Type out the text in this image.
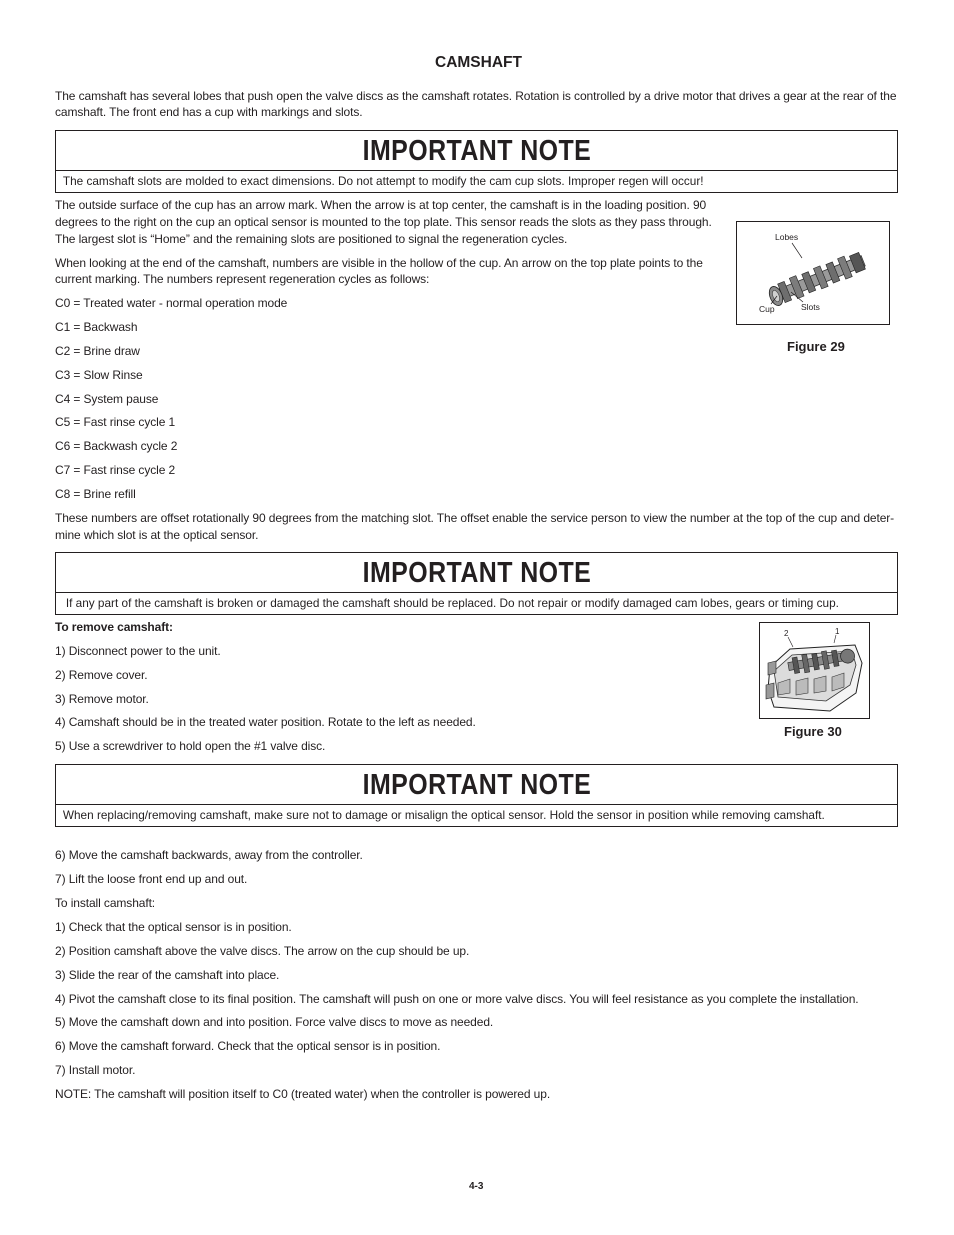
CAMSHAFT
The camshaft has several lobes that push open the valve discs as the camshaft rotates. Rotation is controlled by a drive motor that drives a gear at the rear of the
camshaft. The front end has a cup with markings and slots.
IMPORTANT NOTE
The camshaft slots are molded to exact dimensions. Do not attempt to modify the cam cup slots. Improper regen will occur!
The outside surface of the cup has an arrow mark. When the arrow is at top center, the camshaft is in the loading position. 90
degrees to the right on the cup an optical sensor is mounted to the top plate. This sensor reads the slots as they pass through.
The largest slot is “Home” and the remaining slots are positioned to signal the regeneration cycles.
When looking at the end of the camshaft, numbers are visible in the hollow of the cup. An arrow on the top plate points to the
current marking. The numbers represent regeneration cycles as follows:
Lobes
Cup	Slots
Figure 29
C0 = Treated water - normal operation mode
C1 = Backwash
C2 = Brine draw
C3 = Slow Rinse
C4 = System pause
C5 = Fast rinse cycle 1
C6 = Backwash cycle 2
C7 = Fast rinse cycle 2
C8 = Brine refill
These numbers are offset rotationally 90 degrees from the matching slot. The offset enable the service person to view the number at the top of the cup and deter-
mine which slot is at the optical sensor.
IMPORTANT NOTE
If any part of the camshaft is broken or damaged the camshaft should be replaced. Do not repair or modify damaged cam lobes, gears or timing cup.
To remove camshaft:
1) Disconnect power to the unit.
2) Remove cover.
3) Remove motor.
4) Camshaft should be in the treated water position. Rotate to the left as needed.
5) Use a screwdriver to hold open the #1 valve disc.
2	1
Figure 30
IMPORTANT NOTE
When replacing/removing camshaft, make sure not to damage or misalign the optical sensor. Hold the sensor in position while removing camshaft.
6) Move the camshaft backwards, away from the controller.
7) Lift the loose front end up and out.
To install camshaft:
1) Check that the optical sensor is in position.
2) Position camshaft above the valve discs. The arrow on the cup should be up.
3) Slide the rear of the camshaft into place.
4) Pivot the camshaft close to its final position. The camshaft will push on one or more valve discs. You will feel resistance as you complete the installation.
5) Move the camshaft down and into position. Force valve discs to move as needed.
6) Move the camshaft forward. Check that the optical sensor is in position.
7) Install motor.
NOTE: The camshaft will position itself to C0 (treated water) when the controller is powered up.
4-3
